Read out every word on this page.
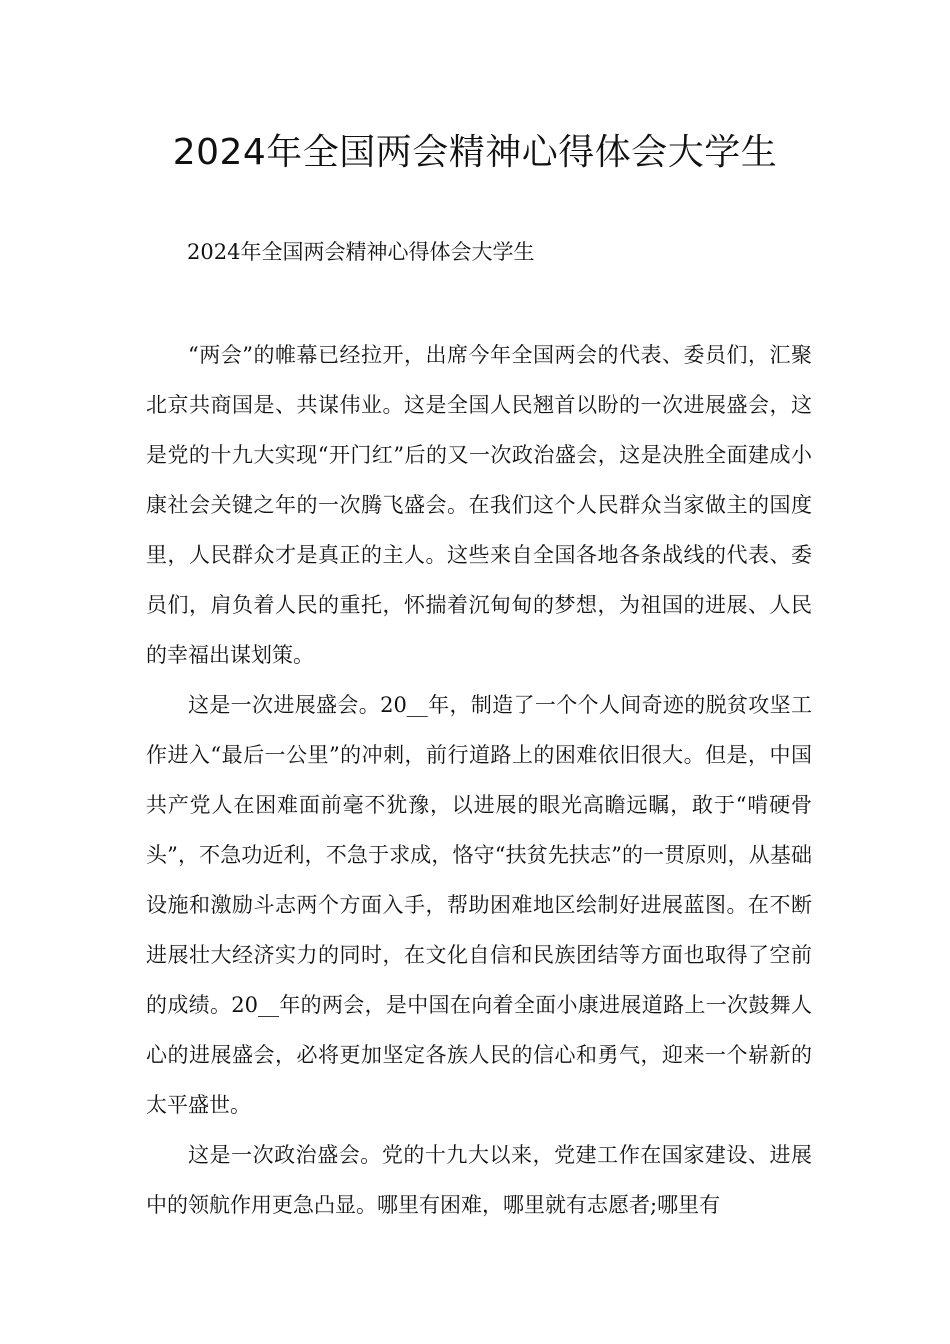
2024年全国两会精神心得体会大学生

2024年全国两会精神心得体会大学生

“两会”的帷幕已经拉开，出席今年全国两会的代表、委员们，汇聚北京共商国是、共谋伟业。这是全国人民翘首以盼的一次进展盛会，这是党的十九大实现“开门红”后的又一次政治盛会，这是决胜全面建成小康社会关键之年的一次腾飞盛会。在我们这个人民群众当家做主的国度里，人民群众才是真正的主人。这些来自全国各地各条战线的代表、委员们，肩负着人民的重托，怀揣着沉甸甸的梦想，为祖国的进展、人民的幸福出谋划策。

这是一次进展盛会。20__年，制造了一个个人间奇迹的脱贫攻坚工作进入“最后一公里”的冲刺，前行道路上的困难依旧很大。但是，中国共产党人在困难面前毫不犹豫，以进展的眼光高瞻远瞩，敢于“啃硬骨头”，不急功近利，不急于求成，恪守“扶贫先扶志”的一贯原则，从基础设施和激励斗志两个方面入手，帮助困难地区绘制好进展蓝图。在不断进展壮大经济实力的同时，在文化自信和民族团结等方面也取得了空前的成绩。20__年的两会，是中国在向着全面小康进展道路上一次鼓舞人心的进展盛会，必将更加坚定各族人民的信心和勇气，迎来一个崭新的太平盛世。

这是一次政治盛会。党的十九大以来，党建工作在国家建设、进展中的领航作用更急凸显。哪里有困难，哪里就有志愿者;哪里有
